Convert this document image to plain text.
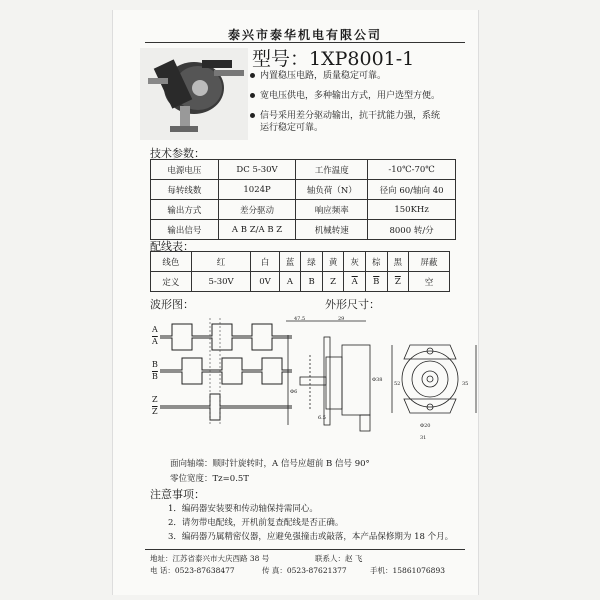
泰兴市泰华机电有限公司
型号：1XP8001-1
内置稳压电路，质量稳定可靠。
宽电压供电，多种输出方式，用户选型方便。
信号采用差分驱动输出，抗干扰能力强，系统
运行稳定可靠。
技术参数：
电源电压	DC 5-30V	工作温度	-10℃-70℃
每转线数	1024P	轴负荷（N）	径向 60/轴向 40
输出方式	差分驱动	响应频率	150KHz
输出信号	A B Z/A B Z	机械转速	8000 转/分
配线表：
线色	红	白	蓝	绿	黄	灰	棕	黑	屏蔽
定义	5-30V	0V	A	B	Z	$\overline{A}$	$\overline{B}$	$\overline{Z}$	空
波形图：
A
$\overline{A}$
B
$\overline{B}$
Z
$\overline{Z}$
外形尺寸：
47.5	29
Φ38
Φ6
6.5
52	35
Φ20
31
面向轴端：顺时针旋转时，A 信号应超前 B 信号 90°
零位宽度：Tz=0.5T
注意事项：
1．编码器安装要和传动轴保持需同心。
2．请勿带电配线，开机前复查配线是否正确。
3．编码器乃属精密仪器，应避免强撞击或敲落，本产品保修期为 18 个月。
地址：江苏省泰兴市大庆西路 38 号	联系人：赵 飞
电 话：0523-87638477	传 真：0523-87621377	手机：15861076893
